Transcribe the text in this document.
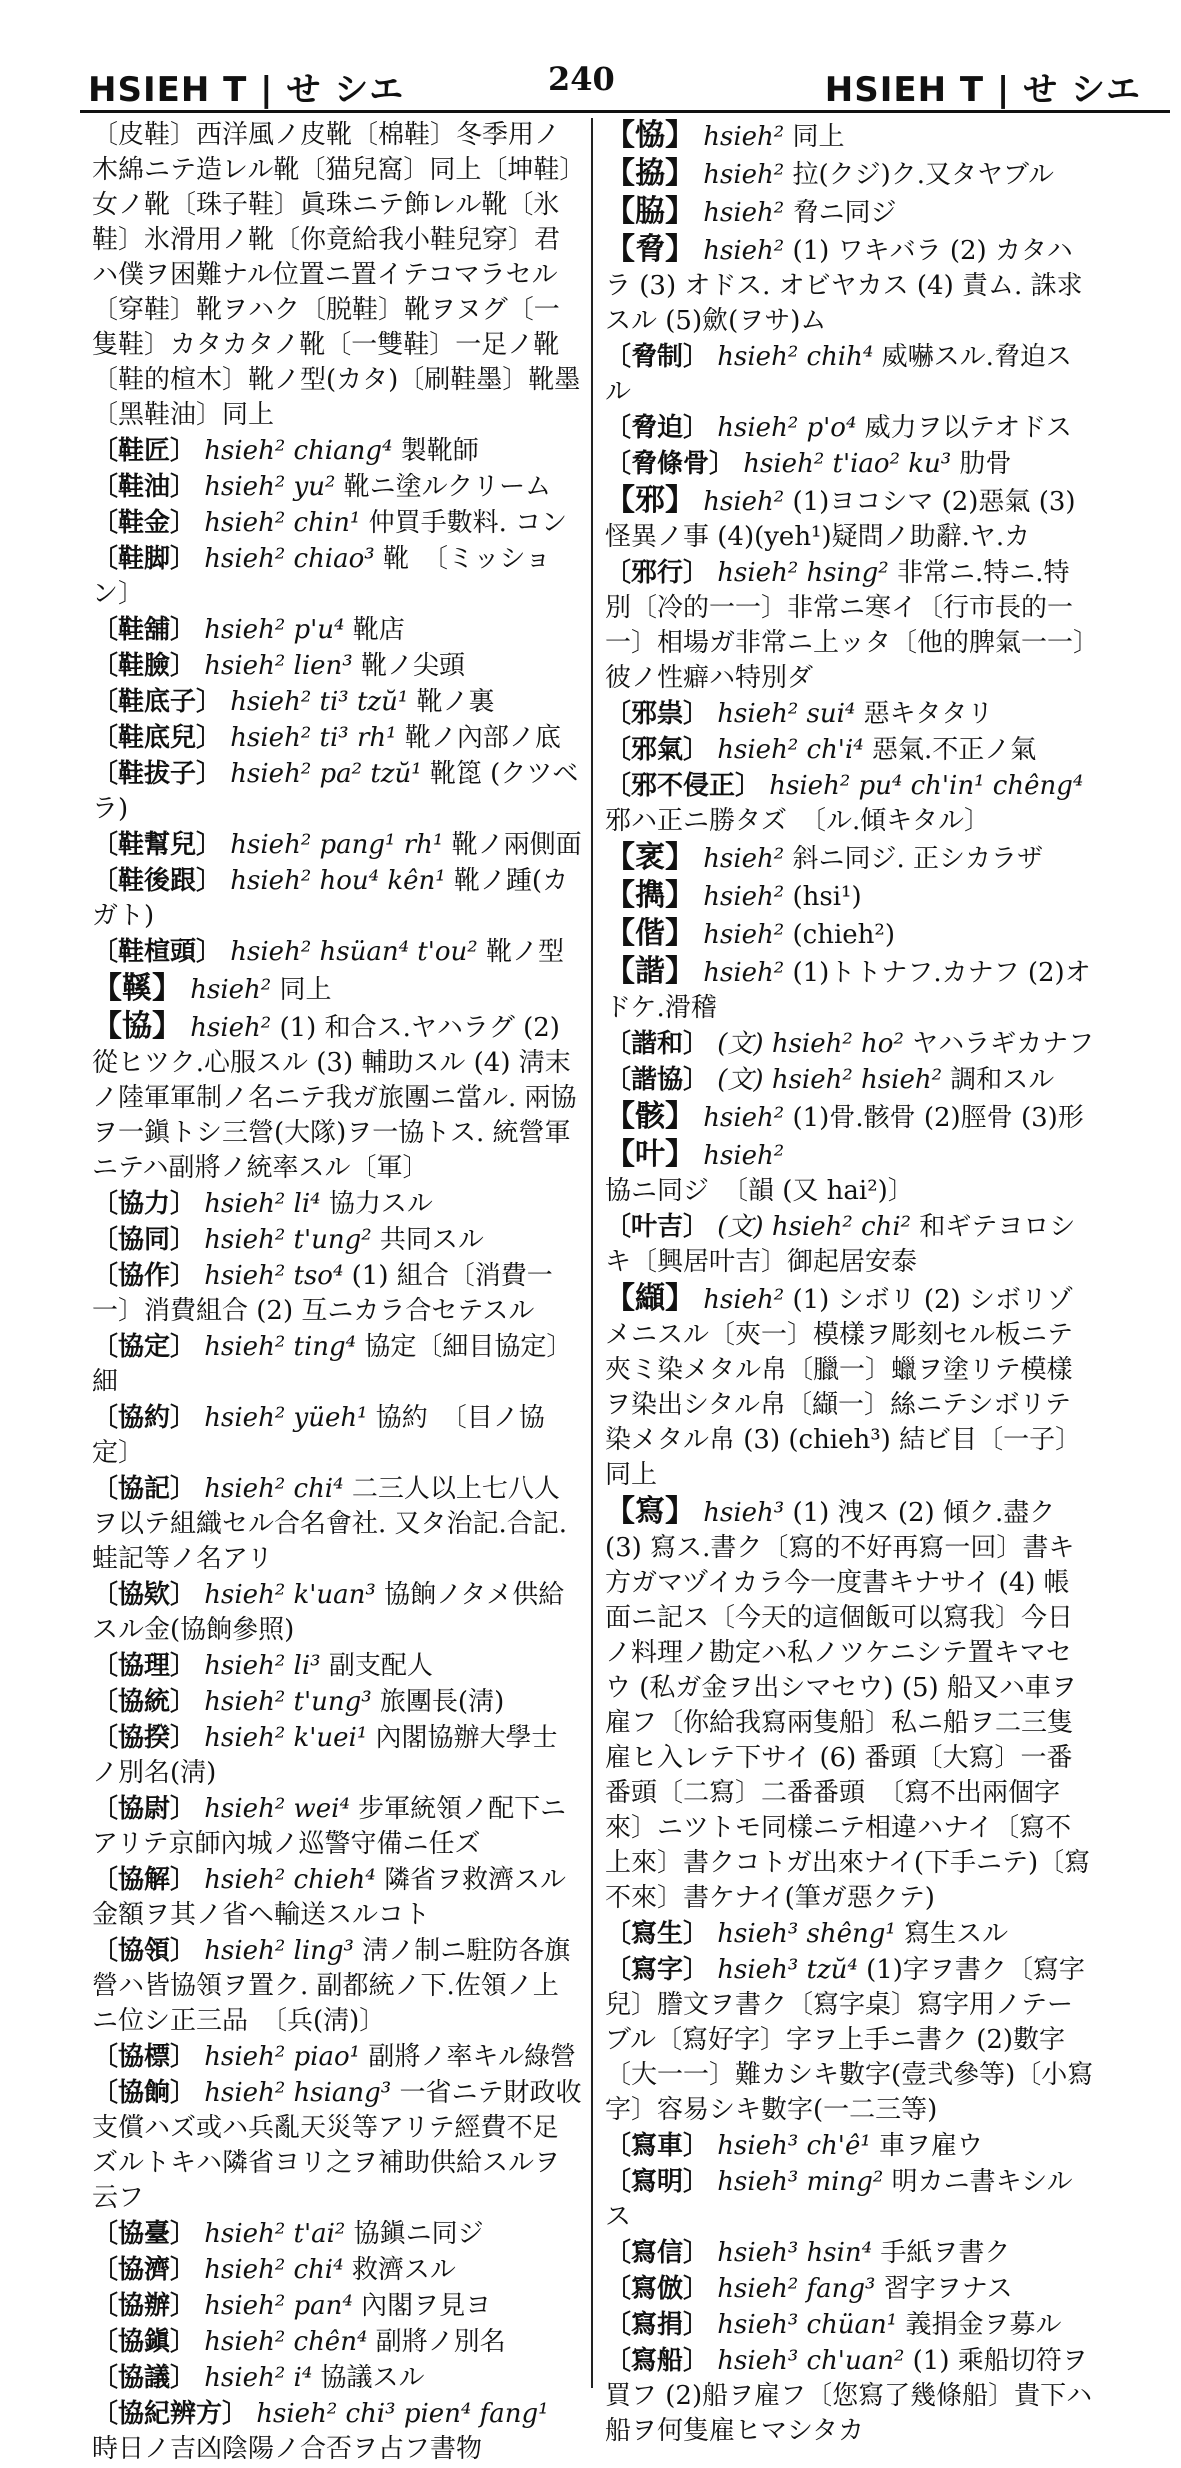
HSIEH T | せ シエ	240	HSIEH T | せ シエ
〔皮鞋〕西洋風ノ皮靴〔棉鞋〕冬季用ノ木綿ニテ造レル靴〔猫兒窩〕同上〔坤鞋〕女ノ靴〔珠子鞋〕眞珠ニテ飾レル靴〔氷鞋〕氷滑用ノ靴〔你竟給我小鞋兒穿〕君ハ僕ヲ困難ナル位置ニ置イテコマラセル〔穿鞋〕靴ヲハク〔脱鞋〕靴ヲヌグ〔一隻鞋〕カタカタノ靴〔一雙鞋〕一足ノ靴〔鞋的楦木〕靴ノ型(カタ)〔刷鞋墨〕靴墨〔黑鞋油〕同上
〔鞋匠〕 hsieh² chiang⁴ 製靴師
〔鞋油〕 hsieh² yu² 靴ニ塗ルクリーム
〔鞋金〕 hsieh² chin¹ 仲買手數料. コン
〔鞋脚〕 hsieh² chiao³ 靴　〔ミッション〕
〔鞋舖〕 hsieh² p'u⁴ 靴店
〔鞋臉〕 hsieh² lien³ 靴ノ尖頭
〔鞋底子〕 hsieh² ti³ tzŭ¹ 靴ノ裏
〔鞋底兒〕 hsieh² ti³ rh¹ 靴ノ內部ノ底
〔鞋拔子〕 hsieh² pa² tzŭ¹ 靴箆 (クツベラ)
〔鞋幫兒〕 hsieh² pang¹ rh¹ 靴ノ兩側面
〔鞋後跟〕 hsieh² hou⁴ kên¹ 靴ノ踵(カガト)
〔鞋楦頭〕 hsieh² hsüan⁴ t'ou² 靴ノ型
【鞵】 hsieh² 同上
【協】 hsieh² (1) 和合ス.ヤハラグ (2)從ヒツク.心服スル (3) 輔助スル (4) 淸末ノ陸軍軍制ノ名ニテ我ガ旅團ニ當ル. 兩協ヲ一鎭トシ三營(大隊)ヲ一協トス. 統營軍ニテハ副將ノ統率スル〔軍〕
〔協力〕 hsieh² li⁴ 協力スル
〔協同〕 hsieh² t'ung² 共同スル
〔協作〕 hsieh² tso⁴ (1) 組合〔消費一一〕消費組合 (2) 互ニカラ合セテスル
〔協定〕 hsieh² ting⁴ 協定〔細目協定〕細
〔協約〕 hsieh² yüeh¹ 協約　〔目ノ協定〕
〔協記〕 hsieh² chi⁴ 二三人以上七八人ヲ以テ組織セル合名會社. 又タ治記.合記.蛙記等ノ名アリ
〔協欵〕 hsieh² k'uan³ 協餉ノタメ供給スル金(協餉參照)
〔協理〕 hsieh² li³ 副支配人
〔協統〕 hsieh² t'ung³ 旅團長(淸)
〔協揆〕 hsieh² k'uei¹ 內閣協辦大學士ノ別名(淸)
〔協尉〕 hsieh² wei⁴ 步軍統領ノ配下ニアリテ京師內城ノ巡警守備ニ任ズ
〔協解〕 hsieh² chieh⁴ 隣省ヲ救濟スル金額ヲ其ノ省ヘ輸送スルコト
〔協領〕 hsieh² ling³ 淸ノ制ニ駐防各旗營ハ皆協領ヲ置ク. 副都統ノ下.佐領ノ上ニ位シ正三品　〔兵(淸)〕
〔協標〕 hsieh² piao¹ 副將ノ率キル綠營
〔協餉〕 hsieh² hsiang³ 一省ニテ財政收支償ハズ或ハ兵亂天災等アリテ經費不足ズルトキハ隣省ヨリ之ヲ補助供給スルヲ云フ
〔協臺〕 hsieh² t'ai² 協鎭ニ同ジ
〔協濟〕 hsieh² chi⁴ 救濟スル
〔協辦〕 hsieh² pan⁴ 內閣ヲ見ヨ
〔協鎭〕 hsieh² chên⁴ 副將ノ別名
〔協議〕 hsieh² i⁴ 協議スル
〔協紀辨方〕 hsieh² chi³ pien⁴ fang¹ 時日ノ吉凶陰陽ノ合否ヲ占フ書物
【恊】 hsieh² 同上
【拹】 hsieh² 拉(クジ)ク.又タヤブル
【脇】 hsieh² 脅ニ同ジ
【脅】 hsieh² (1) ワキバラ (2) カタハラ (3) オドス. オビヤカス (4) 責ム. 誅求スル (5)歛(ヲサ)ム
〔脅制〕 hsieh² chih⁴ 威嚇スル.脅迫スル
〔脅迫〕 hsieh² p'o⁴ 威力ヲ以テオドス
〔脅條骨〕 hsieh² t'iao² ku³ 肋骨
【邪】 hsieh² (1)ヨコシマ (2)惡氣 (3)怪異ノ事 (4)(yeh¹)疑問ノ助辭.ヤ.カ
〔邪行〕 hsieh² hsing² 非常ニ.特ニ.特別〔冷的一一〕非常ニ寒イ〔行市長的一一〕相場ガ非常ニ上ッタ〔他的脾氣一一〕彼ノ性癖ハ特別ダ
〔邪祟〕 hsieh² sui⁴ 惡キタタリ
〔邪氣〕 hsieh² ch'i⁴ 惡氣.不正ノ氣
〔邪不侵正〕 hsieh² pu⁴ ch'in¹ chêng⁴ 邪ハ正ニ勝タズ　〔ル.傾キタル〕
【衺】 hsieh² 斜ニ同ジ. 正シカラザ
【擕】 hsieh² (hsi¹)
【偕】 hsieh² (chieh²)
【諧】 hsieh² (1)トトナフ.カナフ (2)オドケ.滑稽
〔諧和〕 (文) hsieh² ho² ヤハラギカナフ
〔諧協〕 (文) hsieh² hsieh² 調和スル
【骸】 hsieh² (1)骨.骸骨 (2)脛骨 (3)形
【叶】 hsieh² 協ニ同ジ　〔韻 (又 hai²)〕
〔叶吉〕 (文) hsieh² chi² 和ギテヨロシキ〔興居叶吉〕御起居安泰
【纈】 hsieh² (1) シボリ (2) シボリゾメニスル〔夾一〕模樣ヲ彫刻セル板ニテ夾ミ染メタル帛〔臘一〕蠟ヲ塗リテ模樣ヲ染出シタル帛〔纈一〕絲ニテシボリテ染メタル帛 (3) (chieh³) 結ビ目〔一子〕同上
【寫】 hsieh³ (1) 洩ス (2) 傾ク.盡ク (3) 寫ス.書ク〔寫的不好再寫一回〕書キ方ガマヅイカラ今一度書キナサイ (4) 帳面ニ記ス〔今天的這個飯可以寫我〕今日ノ料理ノ勘定ハ私ノツケニシテ置キマセウ (私ガ金ヲ出シマセウ) (5) 船又ハ車ヲ雇フ〔你給我寫兩隻船〕私ニ船ヲ二三隻雇ヒ入レテ下サイ (6) 番頭〔大寫〕一番番頭〔二寫〕二番番頭　〔寫不出兩個字來〕ニツトモ同樣ニテ相違ハナイ〔寫不上來〕書クコトガ出來ナイ(下手ニテ)〔寫不來〕書ケナイ(筆ガ惡クテ)
〔寫生〕 hsieh³ shêng¹ 寫生スル
〔寫字〕 hsieh³ tzŭ⁴ (1)字ヲ書ク〔寫字兒〕謄文ヲ書ク〔寫字桌〕寫字用ノテーブル〔寫好字〕字ヲ上手ニ書ク (2)數字〔大一一〕難カシキ數字(壹弐參等)〔小寫字〕容易シキ數字(一二三等)
〔寫車〕 hsieh³ ch'ê¹ 車ヲ雇ウ
〔寫明〕 hsieh³ ming² 明カニ書キシルス
〔寫信〕 hsieh³ hsin⁴ 手紙ヲ書ク
〔寫倣〕 hsieh² fang³ 習字ヲナス
〔寫捐〕 hsieh³ chüan¹ 義捐金ヲ募ル
〔寫船〕 hsieh³ ch'uan² (1) 乘船切符ヲ買フ (2)船ヲ雇フ〔您寫了幾條船〕貴下ハ船ヲ何隻雇ヒマシタカ
